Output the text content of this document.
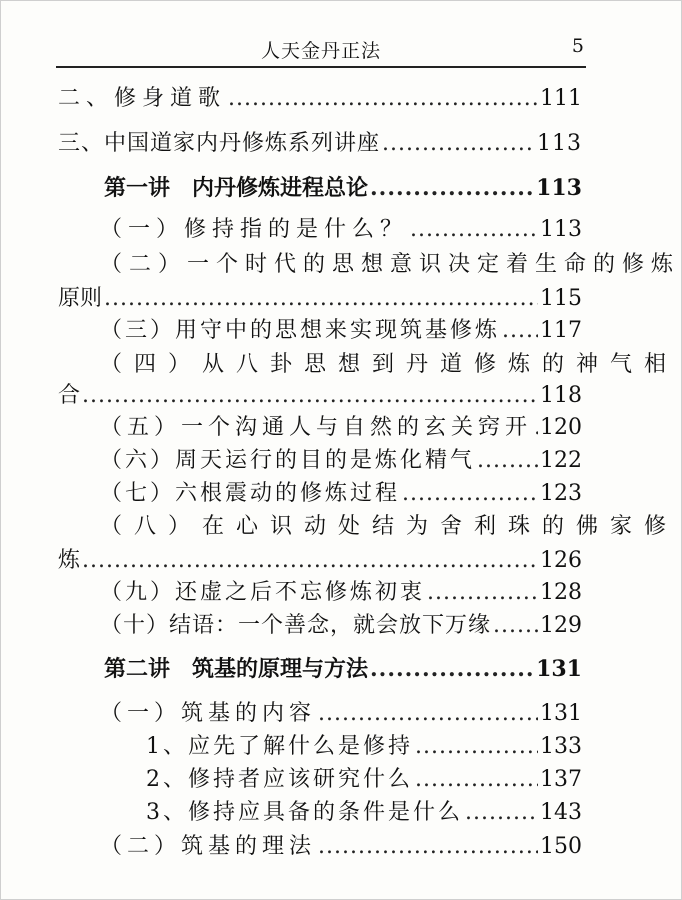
人天金丹正法	5
二、修身道歌 .....	111
三、中国道家内丹修炼系列讲座 .....	113
第一讲　内丹修炼进程总论 .....	113
（一）修持指的是什么？ .....	113
（二）一个时代的思想意识决定着生命的修炼
原则 .....	115
（三）用守中的思想来实现筑基修炼 ..... 117
（四）从八卦思想到丹道修炼的神气相
合 .....	118
（五）一个沟通人与自然的玄关窍开 ..... 120
（六）周天运行的目的是炼化精气 .....	122
（七）六根震动的修炼过程 .....	123
（八）在心识动处结为舍利珠的佛家修
炼 .....	126
（九）还虚之后不忘修炼初衷 .....	128
（十）结语：一个善念，就会放下万缘 ..... 129
第二讲　筑基的原理与方法 .....	131
（一）筑基的内容 .....	131
1、应先了解什么是修持 .....	133
2、修持者应该研究什么 .....	137
3、修持应具备的条件是什么 .....	143
（二）筑基的理法 .....	150
